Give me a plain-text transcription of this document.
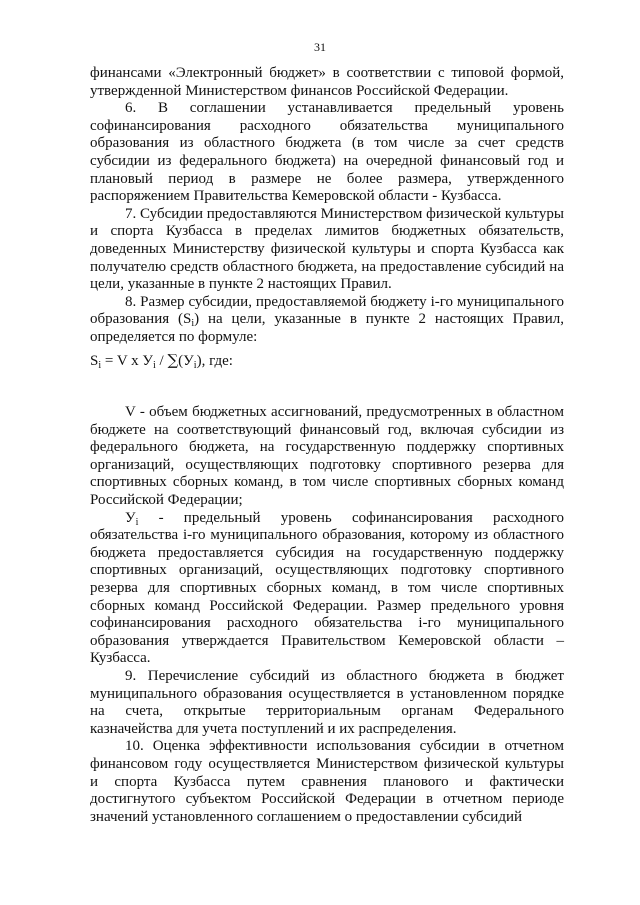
31

финансами «Электронный бюджет» в соответствии с типовой формой, утвержденной Министерством финансов Российской Федерации.

6. В соглашении устанавливается предельный уровень софинансирования расходного обязательства муниципального образования из областного бюджета (в том числе за счет средств субсидии из федерального бюджета) на очередной финансовый год и плановый период в размере не более размера, утвержденного распоряжением Правительства Кемеровской области - Кузбасса.

7. Субсидии предоставляются Министерством физической культуры и спорта Кузбасса в пределах лимитов бюджетных обязательств, доведенных Министерству физической культуры и спорта Кузбасса как получателю средств областного бюджета, на предоставление субсидий на цели, указанные в пункте 2 настоящих Правил.

8. Размер субсидии, предоставляемой бюджету i-го муниципального образования $(S_i)$ на цели, указанные в пункте 2 настоящих Правил, определяется по формуле:

$S_i = V$ x $У_i / \sum(У_i)$, где:

V - объем бюджетных ассигнований, предусмотренных в областном бюджете на соответствующий финансовый год, включая субсидии из федерального бюджета, на государственную поддержку спортивных организаций, осуществляющих подготовку спортивного резерва для спортивных сборных команд, в том числе спортивных сборных команд Российской Федерации;

$У_i$ - предельный уровень софинансирования расходного обязательства i-го муниципального образования, которому из областного бюджета предоставляется субсидия на государственную поддержку спортивных организаций, осуществляющих подготовку спортивного резерва для спортивных сборных команд, в том числе спортивных сборных команд Российской Федерации. Размер предельного уровня софинансирования расходного обязательства i-го муниципального образования утверждается Правительством Кемеровской области – Кузбасса.

9. Перечисление субсидий из областного бюджета в бюджет муниципального образования осуществляется в установленном порядке на счета, открытые территориальным органам Федерального казначейства для учета поступлений и их распределения.

10. Оценка эффективности использования субсидии в отчетном финансовом году осуществляется Министерством физической культуры и спорта Кузбасса путем сравнения планового и фактически достигнутого субъектом Российской Федерации в отчетном периоде значений установленного соглашением о предоставлении субсидий
